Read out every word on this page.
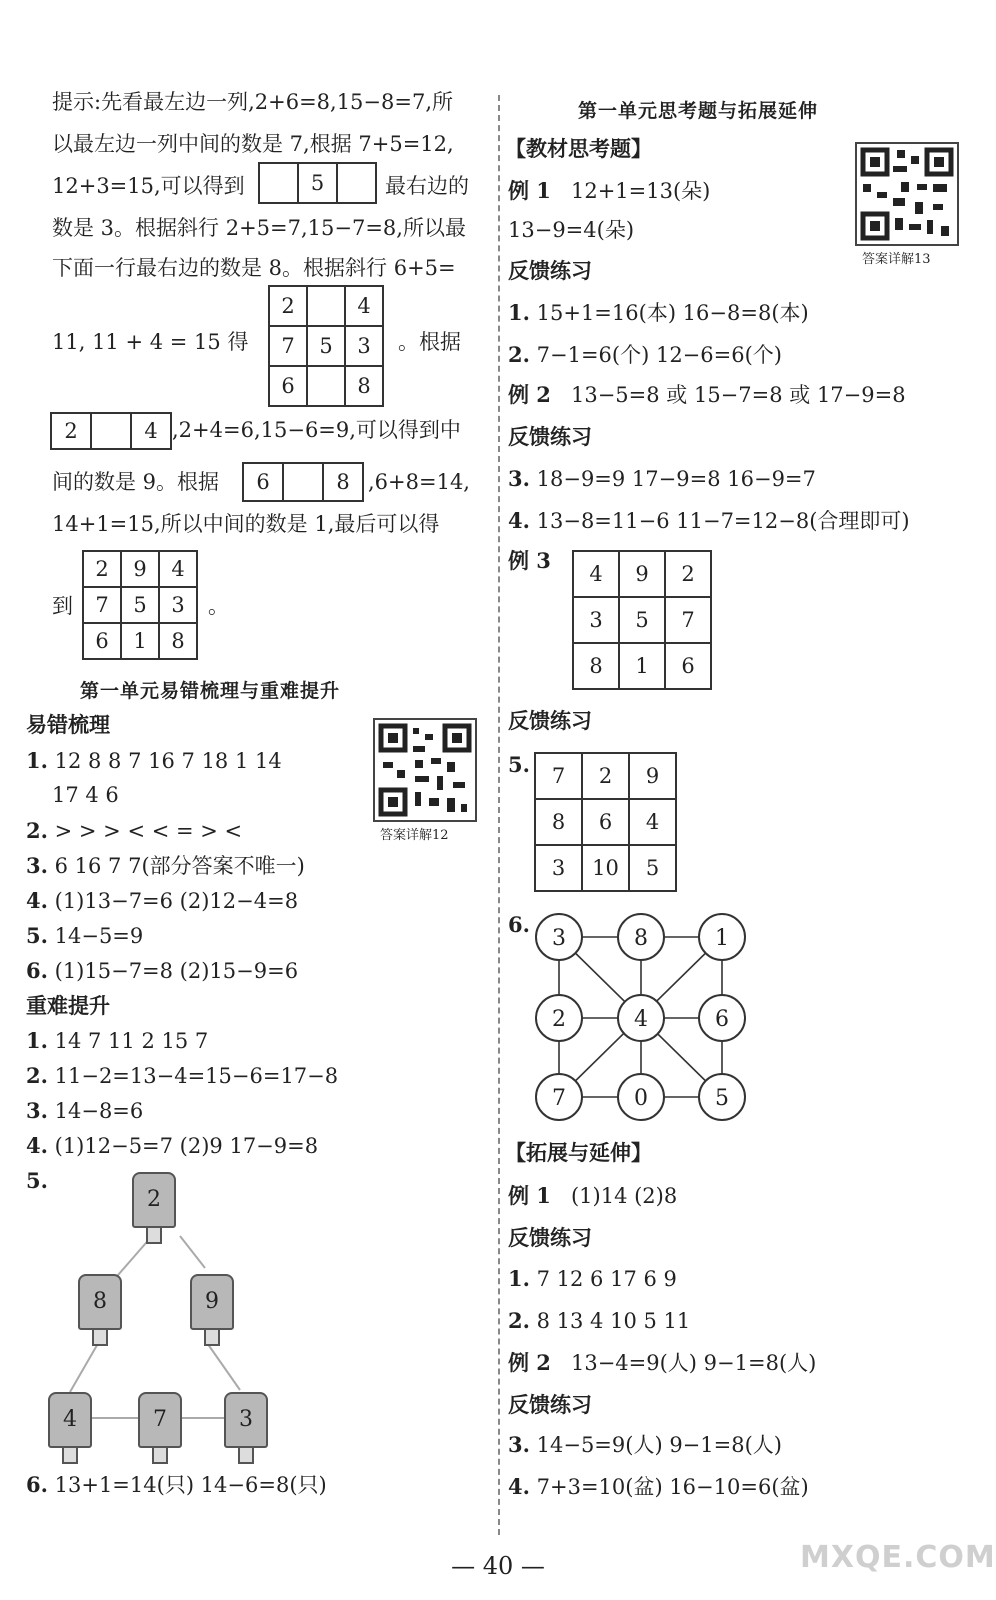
提示:先看最左边一列,2+6=8,15−8=7,所
以最左边一列中间的数是 7,根据 7+5=12,
12+3=15,可以得到
		5		最右边的
数是 3。根据斜行 2+5=7,15−7=8,所以最
下面一行最右边的数是 8。根据斜行 6+5=
2		4
7	5	3
6		8
11, 11 + 4 = 15 得	。根据
2		4 ,2+4=6,15−6=9,可以得到中
间的数是 9。根据 6		8 ,6+8=14,
14+1=15,所以中间的数是 1,最后可以得
到
2	9	4
7	5	3
6	1	8
。
第一单元易错梳理与重难提升
易错梳理
答案详解12
1. 12 8 8 7 16 7 18 1 14
17 4 6
2. > > > < < = > <
3. 6 16 7 7(部分答案不唯一)
4. (1)13−7=6 (2)12−4=8
5. 14−5=9
6. (1)15−7=8 (2)15−9=6
重难提升
1. 14 7 11 2 15 7
2. 11−2=13−4=15−6=17−8
3. 14−8=6
4. (1)12−5=7 (2)9 17−9=8
5.
2
8	9
4	7	3
6. 13+1=14(只) 14−6=8(只)
第一单元思考题与拓展延伸
【教材思考题】
答案详解13
例 1 12+1=13(朵)
13−9=4(朵)
反馈练习
1. 15+1=16(本) 16−8=8(本)
2. 7−1=6(个) 12−6=6(个)
例 2 13−5=8 或 15−7=8 或 17−9=8
反馈练习
3. 18−9=9 17−9=8 16−9=7
4. 13−8=11−6 11−7=12−8(合理即可)
例 3
4	9	2
3	5	7
8	1	6
反馈练习
5. 7	2	9
8	6	4
3	10	5
6.
3	8	1
2	4	6
7	0	5
【拓展与延伸】
例 1 (1)14 (2)8
反馈练习
1. 7 12 6 17 6 9
2. 8 13 4 10 5 11
例 2 13−4=9(人) 9−1=8(人)
反馈练习
3. 14−5=9(人) 9−1=8(人)
4. 7+3=10(盆) 16−10=6(盆)
— 40 —	MXQE.COM
